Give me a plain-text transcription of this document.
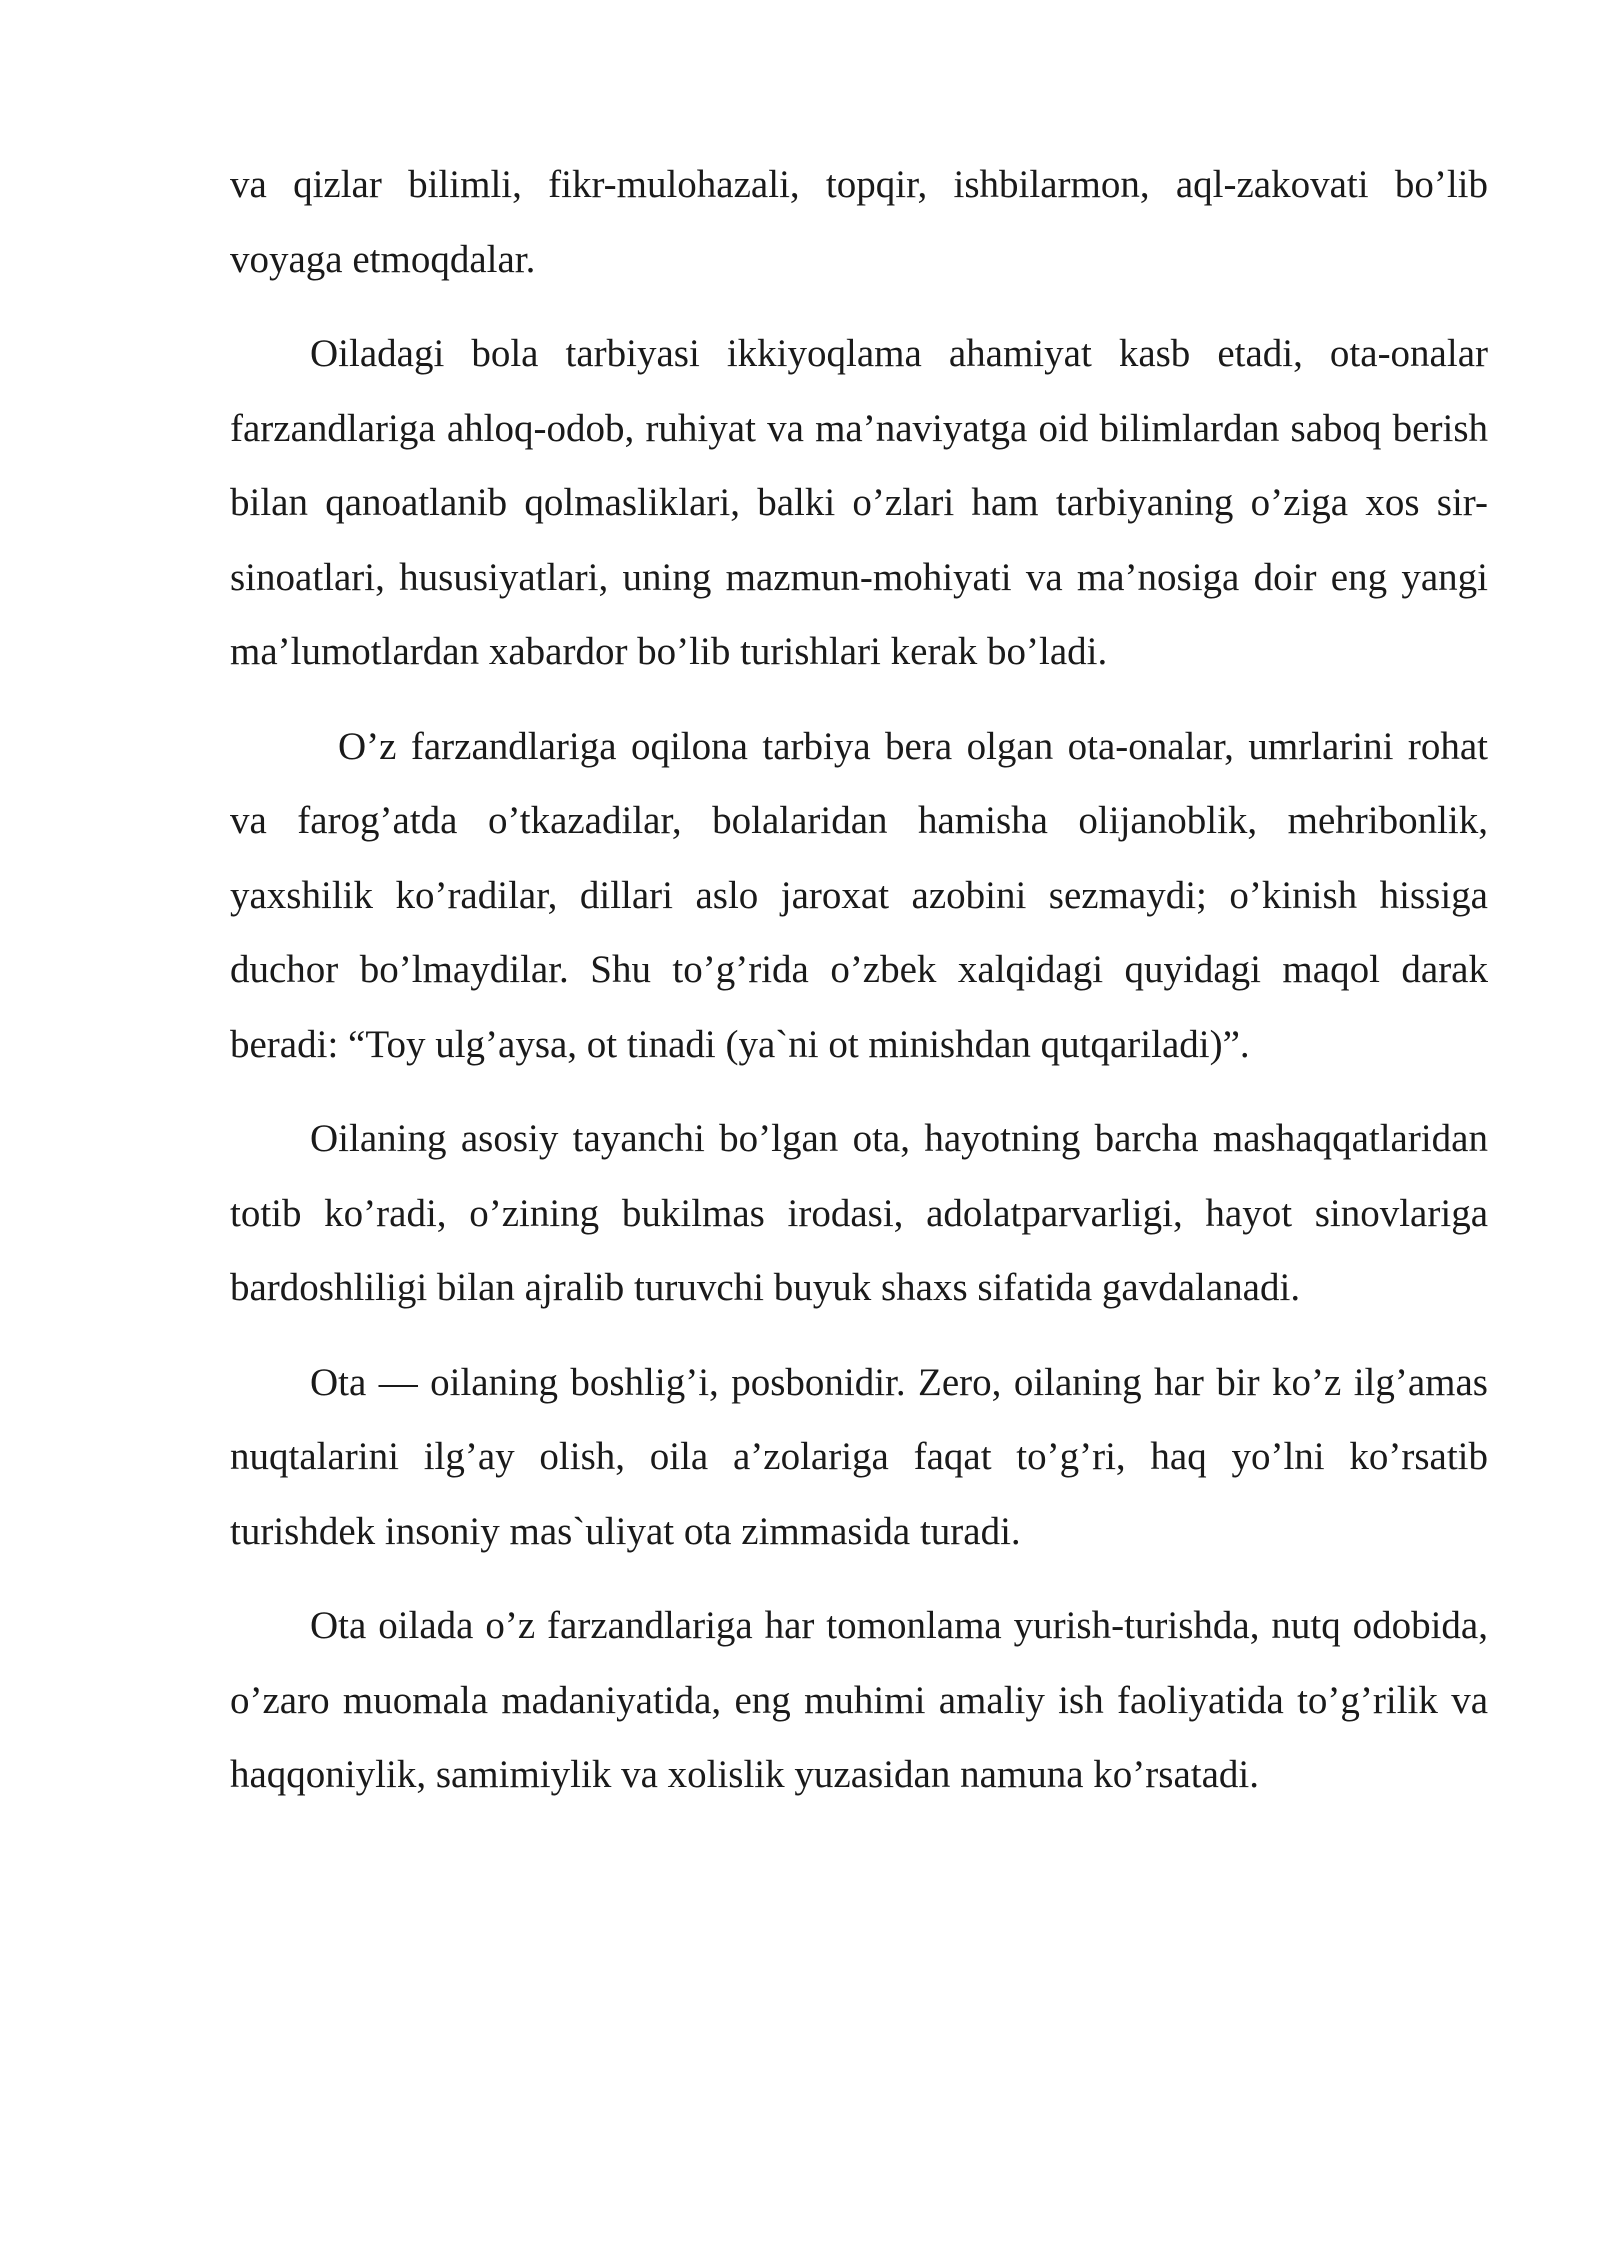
va qizlar bilimli, fikr-mulohazali, topqir, ishbilarmon, aql-zakovati bo’lib voyaga etmoqdalar.

Oiladagi bola tarbiyasi ikkiyoqlama ahamiyat kasb etadi, ota-onalar farzandlariga ahloq-odob, ruhiyat va ma’naviyatga oid bilimlardan saboq berish bilan qanoatlanib qolmasliklari, balki o’zlari ham tarbiyaning o’ziga xos sir-sinoatlari, hususiyatlari, uning mazmun-mohiyati va ma’nosiga doir eng yangi ma’lumotlardan xabardor bo’lib turishlari kerak bo’ladi.

O’z farzandlariga oqilona tarbiya bera olgan ota-onalar, umrlarini rohat va farog’atda o’tkazadilar, bolalaridan hamisha olijanoblik, mehribonlik, yaxshilik ko’radilar, dillari aslo jaroxat azobini sezmaydi; o’kinish hissiga duchor bo’lmaydilar. Shu to’g’rida o’zbek xalqidagi quyidagi maqol darak beradi: “Toy ulg’aysa, ot tinadi (ya`ni ot minishdan qutqariladi)”.

Oilaning asosiy tayanchi bo’lgan ota, hayotning barcha mashaqqatlaridan totib ko’radi, o’zining bukilmas irodasi, adolatparvarligi, hayot sinovlariga bardoshliligi bilan ajralib turuvchi buyuk shaxs sifatida gavdalanadi.

Ota — oilaning boshlig’i, posbonidir. Zero, oilaning har bir ko’z ilg’amas nuqtalarini ilg’ay olish, oila a’zolariga faqat to’g’ri, haq yo’lni ko’rsatib turishdek insoniy mas`uliyat ota zimmasida turadi.

Ota oilada o’z farzandlariga har tomonlama yurish-turishda, nutq odobida, o’zaro muomala madaniyatida, eng muhimi amaliy ish faoliyatida to’g’rilik va haqqoniylik, samimiylik va xolislik yuzasidan namuna ko’rsatadi.
